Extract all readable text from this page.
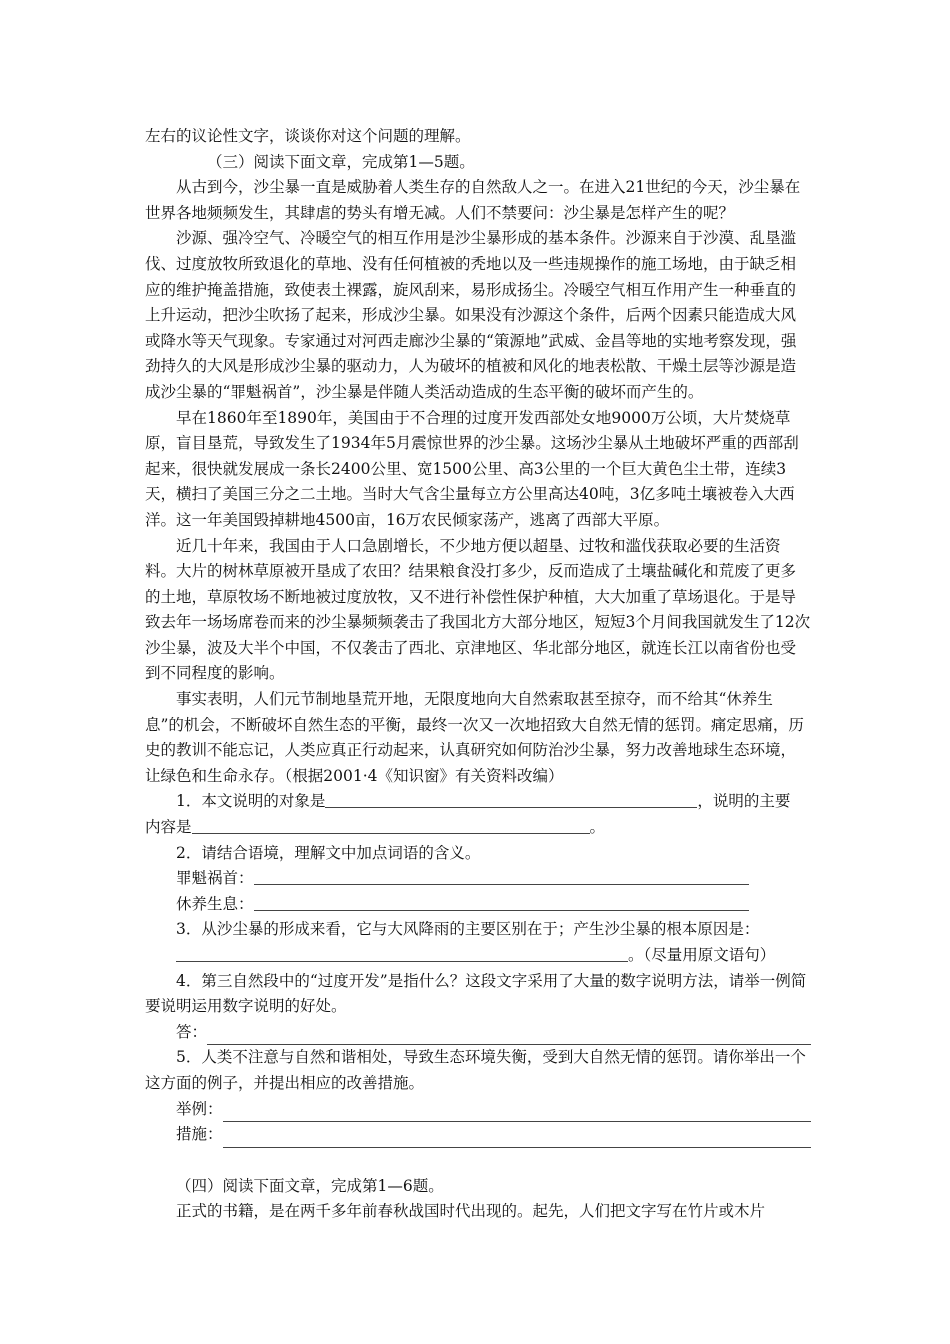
左右的议论性文字，谈谈你对这个问题的理解。

（三）阅读下面文章，完成第1—5题。

从古到今，沙尘暴一直是威胁着人类生存的自然敌人之一。在进入21世纪的今天，沙尘暴在世界各地频频发生，其肆虐的势头有增无减。人们不禁要问：沙尘暴是怎样产生的呢？

沙源、强冷空气、冷暖空气的相互作用是沙尘暴形成的基本条件。沙源来自于沙漠、乱垦滥伐、过度放牧所致退化的草地、没有任何植被的秃地以及一些违规操作的施工场地，由于缺乏相应的维护掩盖措施，致使表土裸露，旋风刮来，易形成扬尘。冷暖空气相互作用产生一种垂直的上升运动，把沙尘吹扬了起来，形成沙尘暴。如果没有沙源这个条件，后两个因素只能造成大风或降水等天气现象。专家通过对河西走廊沙尘暴的“策源地”武威、金昌等地的实地考察发现，强劲持久的大风是形成沙尘暴的驱动力，人为破坏的植被和风化的地表松散、干燥土层等沙源是造成沙尘暴的“罪魁祸首”，沙尘暴是伴随人类活动造成的生态平衡的破坏而产生的。

早在1860年至1890年，美国由于不合理的过度开发西部处女地9000万公顷，大片焚烧草原，盲目垦荒，导致发生了1934年5月震惊世界的沙尘暴。这场沙尘暴从土地破坏严重的西部刮起来，很快就发展成一条长2400公里、宽1500公里、高3公里的一个巨大黄色尘土带，连续3天，横扫了美国三分之二土地。当时大气含尘量每立方公里高达40吨，3亿多吨土壤被卷入大西洋。这一年美国毁掉耕地4500亩，16万农民倾家荡产，逃离了西部大平原。

近几十年来，我国由于人口急剧增长，不少地方便以超垦、过牧和滥伐获取必要的生活资料。大片的树林草原被开垦成了农田？结果粮食没打多少，反而造成了土壤盐碱化和荒废了更多的土地，草原牧场不断地被过度放牧，又不进行补偿性保护种植，大大加重了草场退化。于是导致去年一场场席卷而来的沙尘暴频频袭击了我国北方大部分地区，短短3个月间我国就发生了12次沙尘暴，波及大半个中国，不仅袭击了西北、京津地区、华北部分地区，就连长江以南省份也受到不同程度的影响。

事实表明，人们元节制地垦荒开地，无限度地向大自然索取甚至掠夺，而不给其“休养生息”的机会，不断破坏自然生态的平衡，最终一次又一次地招致大自然无情的惩罚。痛定思痛，历史的教训不能忘记，人类应真正行动起来，认真研究如何防治沙尘暴，努力改善地球生态环境，让绿色和生命永存。（根据2001·4《知识窗》有关资料改编）

1．本文说明的对象是	，说明的主要
内容是	。

2．请结合语境，理解文中加点词语的含义。

罪魁祸首：

休养生息：

3．从沙尘暴的形成来看，它与大风降雨的主要区别在于；产生沙尘暴的根本原因是：

。（尽量用原文语句）

4．第三自然段中的“过度开发”是指什么？这段文字采用了大量的数字说明方法，请举一例简要说明运用数字说明的好处。

答：

5．人类不注意与自然和谐相处，导致生态环境失衡，受到大自然无情的惩罚。请你举出一个这方面的例子，并提出相应的改善措施。

举例：
措施：

（四）阅读下面文章，完成第1—6题。

正式的书籍，是在两千多年前春秋战国时代出现的。起先，人们把文字写在竹片或木片
